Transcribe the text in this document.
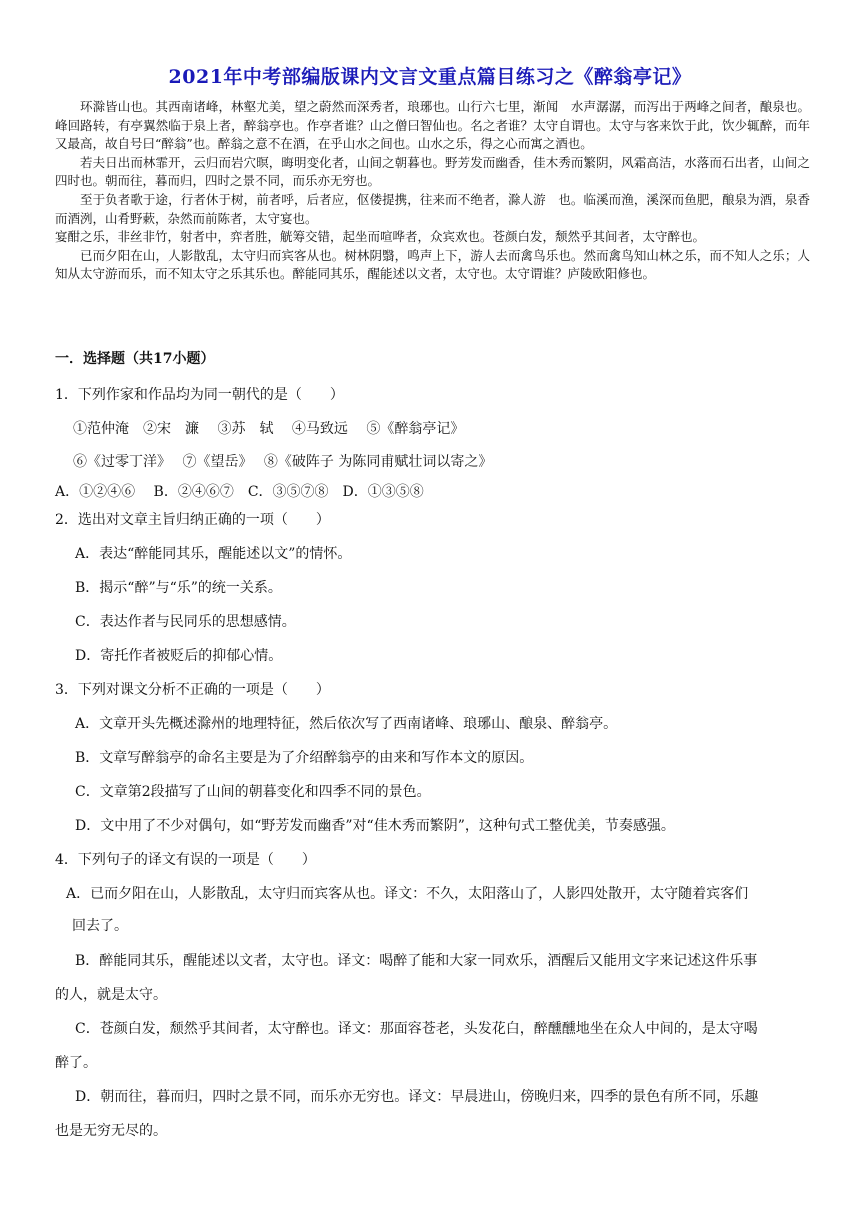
2021年中考部编版课内文言文重点篇目练习之《醉翁亭记》

环滁皆山也。其西南诸峰，林壑尤美，望之蔚然而深秀者，琅琊也。山行六七里，渐闻　水声潺潺，而泻出于两峰之间者，酿泉也。峰回路转，有亭翼然临于泉上者，醉翁亭也。作亭者谁？山之僧曰智仙也。名之者谁？太守自谓也。太守与客来饮于此，饮少辄醉，而年又最高，故自号曰“醉翁”也。醉翁之意不在酒，在乎山水之间也。山水之乐，得之心而寓之酒也。

若夫日出而林霏开，云归而岩穴暝，晦明变化者，山间之朝暮也。野芳发而幽香，佳木秀而繁阴，风霜高洁，水落而石出者，山间之四时也。朝而往，暮而归，四时之景不同，而乐亦无穷也。

至于负者歌于途，行者休于树，前者呼，后者应，伛偻提携，往来而不绝者，滁人游　也。临溪而渔，溪深而鱼肥，酿泉为酒，泉香而酒洌，山肴野蔌，杂然而前陈者，太守宴也。

宴酣之乐，非丝非竹，射者中，弈者胜，觥筹交错，起坐而喧哗者，众宾欢也。苍颜白发，颓然乎其间者，太守醉也。

已而夕阳在山，人影散乱，太守归而宾客从也。树林阴翳，鸣声上下，游人去而禽鸟乐也。然而禽鸟知山林之乐，而不知人之乐；人知从太守游而乐，而不知太守之乐其乐也。醉能同其乐，醒能述以文者，太守也。太守谓谁？庐陵欧阳修也。

一．选择题（共17小题）
1．下列作家和作品均为同一朝代的是（　　）
①范仲淹　②宋　濂　 ③苏　轼　 ④马致远　 ⑤《醉翁亭记》
⑥《过零丁洋》　 ⑦《望岳》　 ⑧《破阵子 为陈同甫赋壮词以寄之》
A．①②④⑥　 B．②④⑥⑦　C．③⑤⑦⑧　D．①③⑤⑧
2．选出对文章主旨归纳正确的一项（　　）
A．表达“醉能同其乐，醒能述以文”的情怀。
B．揭示“醉”与“乐”的统一关系。
C．表达作者与民同乐的思想感情。
D．寄托作者被贬后的抑郁心情。
3．下列对课文分析不正确的一项是（　　）
A．文章开头先概述滁州的地理特征，然后依次写了西南诸峰、琅琊山、酿泉、醉翁亭。
B．文章写醉翁亭的命名主要是为了介绍醉翁亭的由来和写作本文的原因。
C．文章第2段描写了山间的朝暮变化和四季不同的景色。
D．文中用了不少对偶句，如“野芳发而幽香”对“佳木秀而繁阴”，这种句式工整优美，节奏感强。
4．下列句子的译文有误的一项是（　　）
A．已而夕阳在山，人影散乱，太守归而宾客从也。译文：不久，太阳落山了，人影四处散开，太守随着宾客们
回去了。
B．醉能同其乐，醒能述以文者，太守也。译文：喝醉了能和大家一同欢乐，酒醒后又能用文字来记述这件乐事
的人，就是太守。
C．苍颜白发，颓然乎其间者，太守醉也。译文：那面容苍老，头发花白，醉醺醺地坐在众人中间的，是太守喝
醉了。
D．朝而往，暮而归，四时之景不同，而乐亦无穷也。译文：早晨进山，傍晚归来，四季的景色有所不同，乐趣
也是无穷无尽的。
